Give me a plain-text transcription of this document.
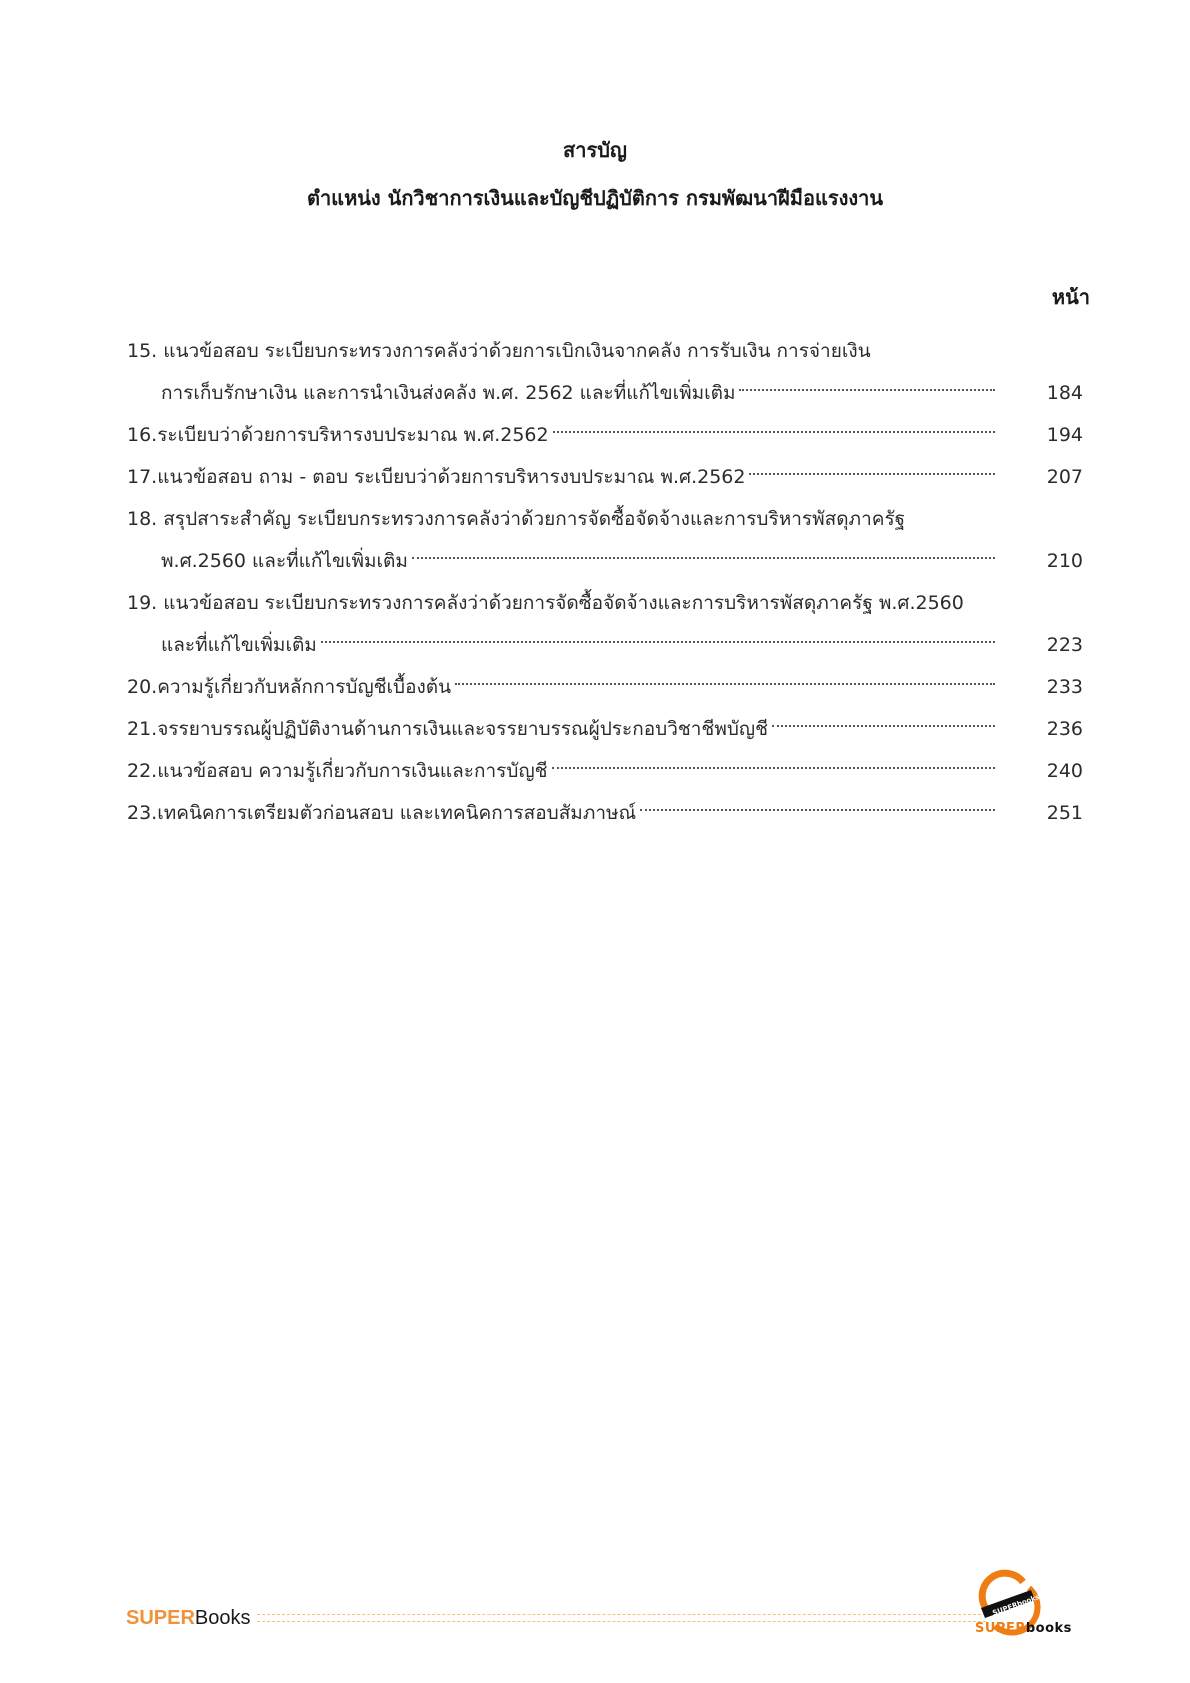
สารบัญ
ตำแหน่ง นักวิชาการเงินและบัญชีปฏิบัติการ กรมพัฒนาฝีมือแรงงาน
หน้า
15. แนวข้อสอบ ระเบียบกระทรวงการคลังว่าด้วยการเบิกเงินจากคลัง การรับเงิน การจ่ายเงิน
การเก็บรักษาเงิน และการนำเงินส่งคลัง พ.ศ. 2562 และที่แก้ไขเพิ่มเติม	184
16. ระเบียบว่าด้วยการบริหารงบประมาณ พ.ศ.2562	194
17. แนวข้อสอบ ถาม - ตอบ ระเบียบว่าด้วยการบริหารงบประมาณ พ.ศ.2562	207
18. สรุปสาระสำคัญ ระเบียบกระทรวงการคลังว่าด้วยการจัดซื้อจัดจ้างและการบริหารพัสดุภาครัฐ
พ.ศ.2560 และที่แก้ไขเพิ่มเติม	210
19. แนวข้อสอบ ระเบียบกระทรวงการคลังว่าด้วยการจัดซื้อจัดจ้างและการบริหารพัสดุภาครัฐ พ.ศ.2560
และที่แก้ไขเพิ่มเติม	223
20. ความรู้เกี่ยวกับหลักการบัญชีเบื้องต้น	233
21. จรรยาบรรณผู้ปฏิบัติงานด้านการเงินและจรรยาบรรณผู้ประกอบวิชาชีพบัญชี	236
22. แนวข้อสอบ ความรู้เกี่ยวกับการเงินและการบัญชี	240
23. เทคนิคการเตรียมตัวก่อนสอบ และเทคนิคการสอบสัมภาษณ์	251
SUPERBooks
SUPERbooks
SUPERbooks
